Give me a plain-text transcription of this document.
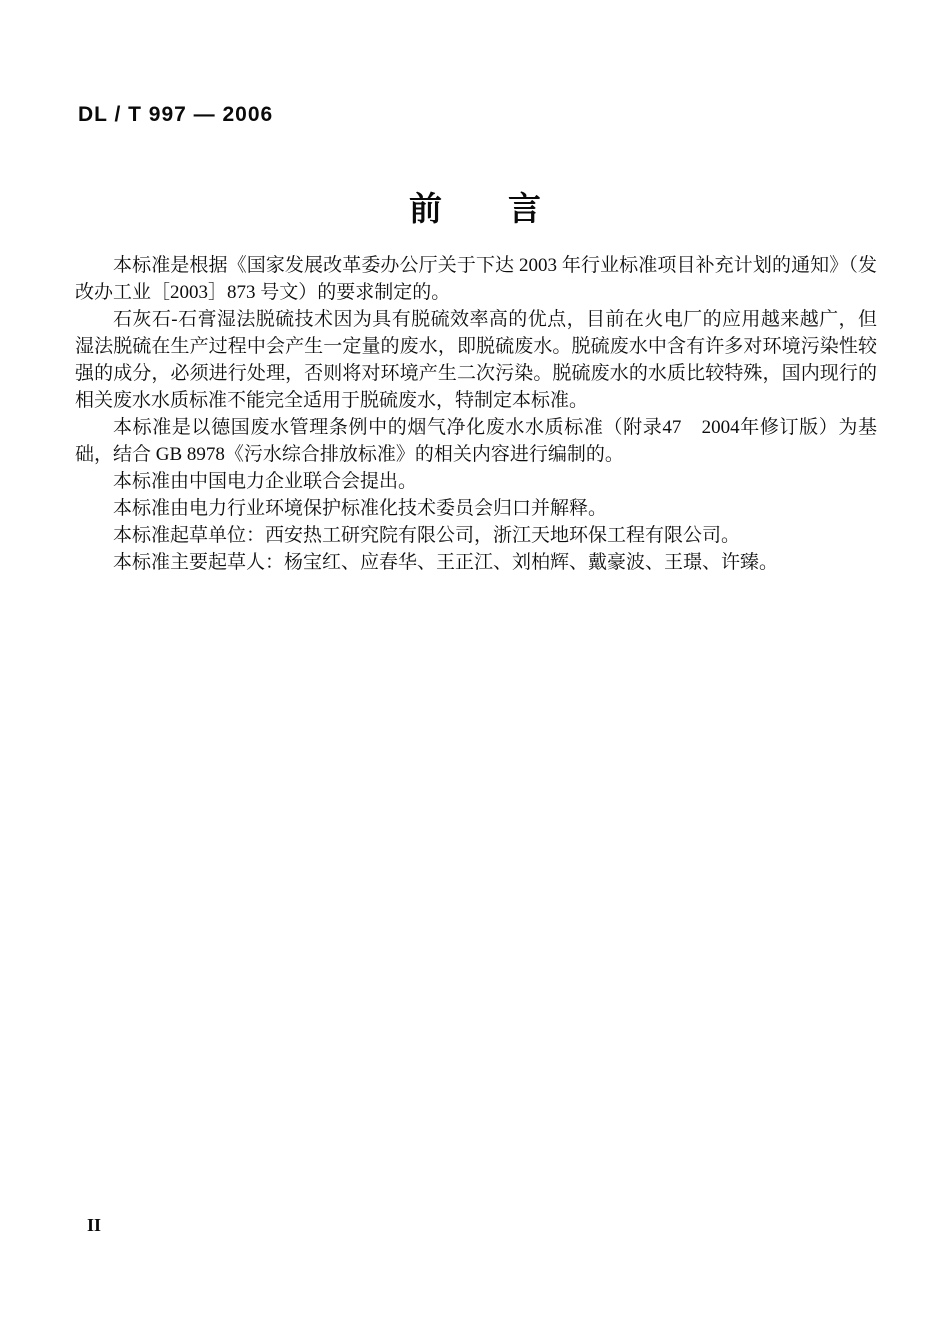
DL / T 997 — 2006
前　　言

本标准是根据《国家发展改革委办公厅关于下达 2003 年行业标准项目补充计划的通知》（发改办工业［2003］873 号文）的要求制定的。

石灰石-石膏湿法脱硫技术因为具有脱硫效率高的优点，目前在火电厂的应用越来越广，但湿法脱硫在生产过程中会产生一定量的废水，即脱硫废水。脱硫废水中含有许多对环境污染性较强的成分，必须进行处理，否则将对环境产生二次污染。脱硫废水的水质比较特殊，国内现行的相关废水水质标准不能完全适用于脱硫废水，特制定本标准。

本标准是以德国废水管理条例中的烟气净化废水水质标准（附录47　2004年修订版）为基础，结合 GB 8978《污水综合排放标准》的相关内容进行编制的。

本标准由中国电力企业联合会提出。

本标准由电力行业环境保护标准化技术委员会归口并解释。

本标准起草单位：西安热工研究院有限公司，浙江天地环保工程有限公司。

本标准主要起草人：杨宝红、应春华、王正江、刘柏辉、戴豪波、王璟、许臻。

II
